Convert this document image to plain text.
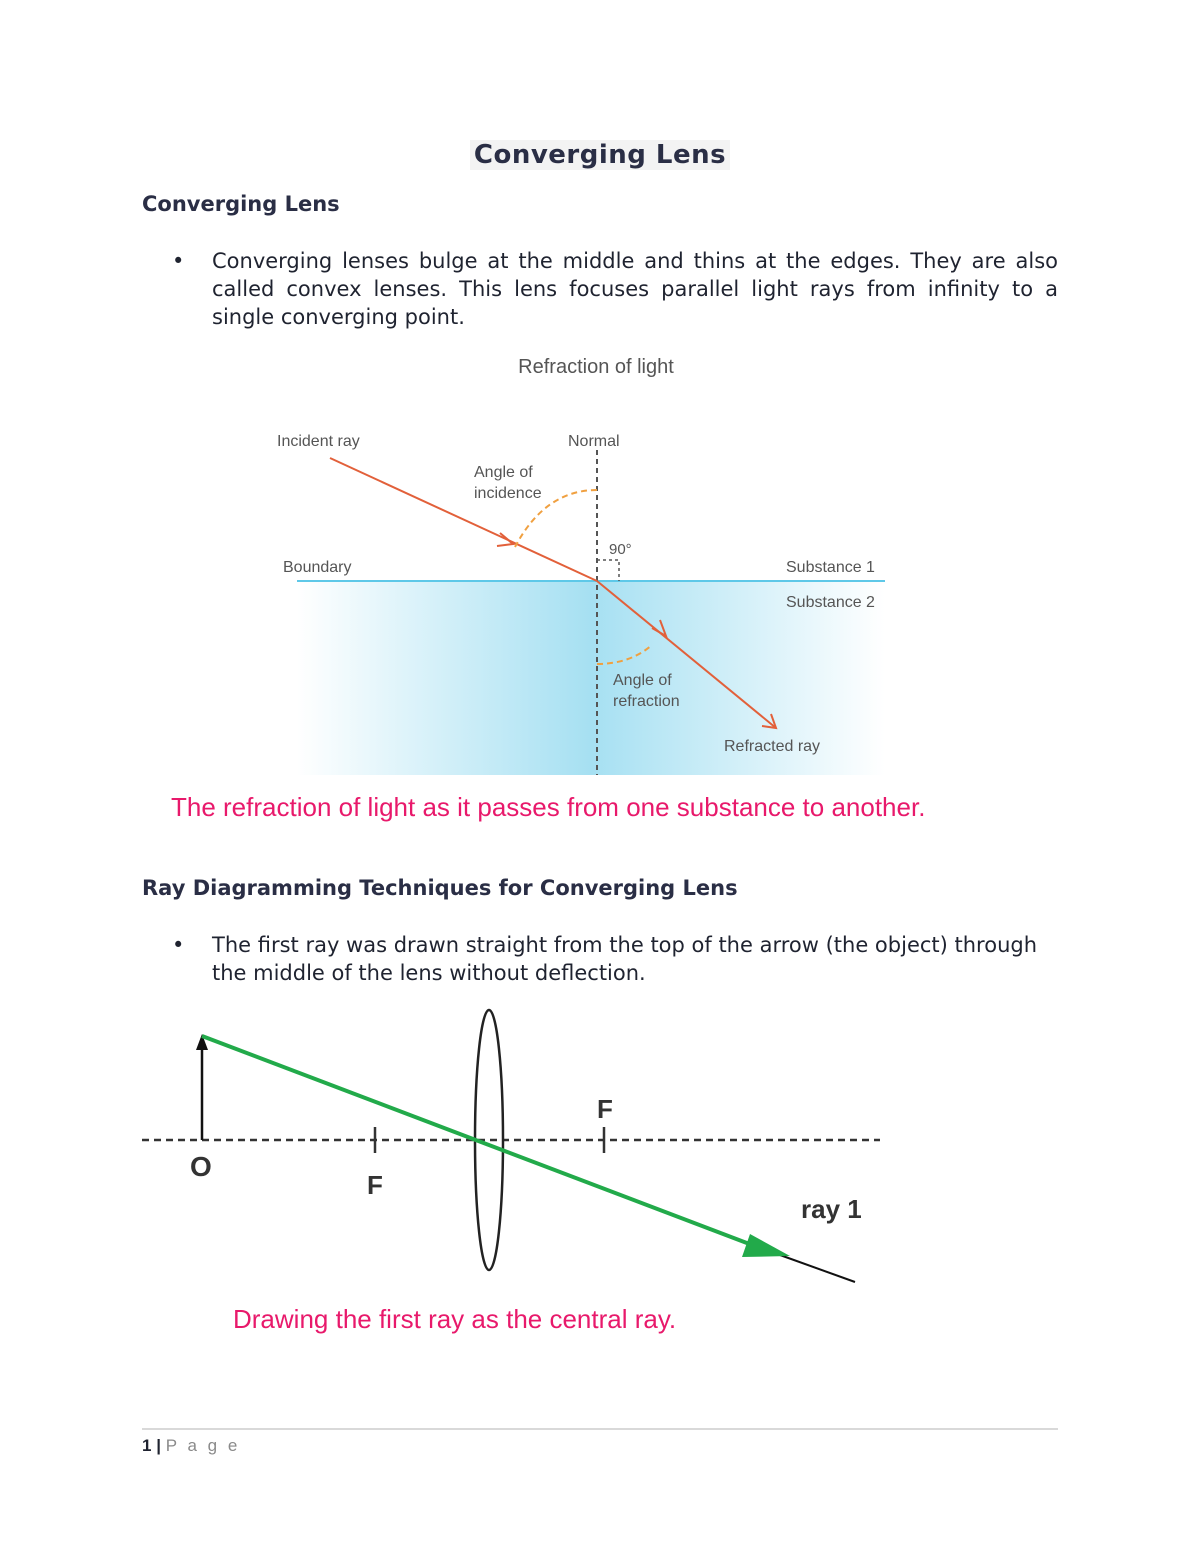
Converging Lens
Converging Lens
• Converging lenses bulge at the middle and thins at the edges. They are also called convex lenses. This lens focuses parallel light rays from infinity to a single converging point.
Refraction of light
Incident ray	Normal
Angle of
incidence
90°
Boundary	Substance 1
Substance 2
Angle of
refraction
Refracted ray
The refraction of light as it passes from one substance to another.
Ray Diagramming Techniques for Converging Lens
• The first ray was drawn straight from the top of the arrow (the object) through the middle of the lens without deflection.
O
F
F
ray 1
Drawing the first ray as the central ray.
1 | P a g e
